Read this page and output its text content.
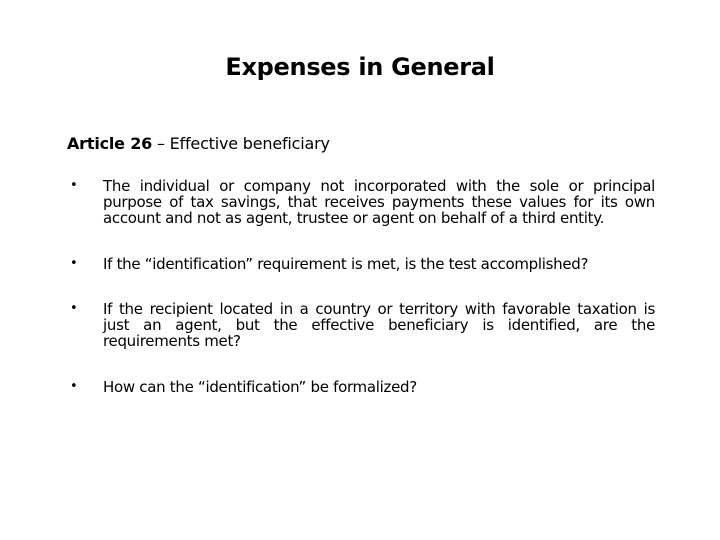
Expenses in General
Article 26 – Effective beneficiary
• The individual or company not incorporated with the sole or principal purpose of tax savings, that receives payments these values for its own account and not as agent, trustee or agent on behalf of a third entity.
• If the “identification” requirement is met, is the test accomplished?
• If the recipient located in a country or territory with favorable taxation is just an agent, but the effective beneficiary is identified, are the requirements met?
• How can the “identification” be formalized?
